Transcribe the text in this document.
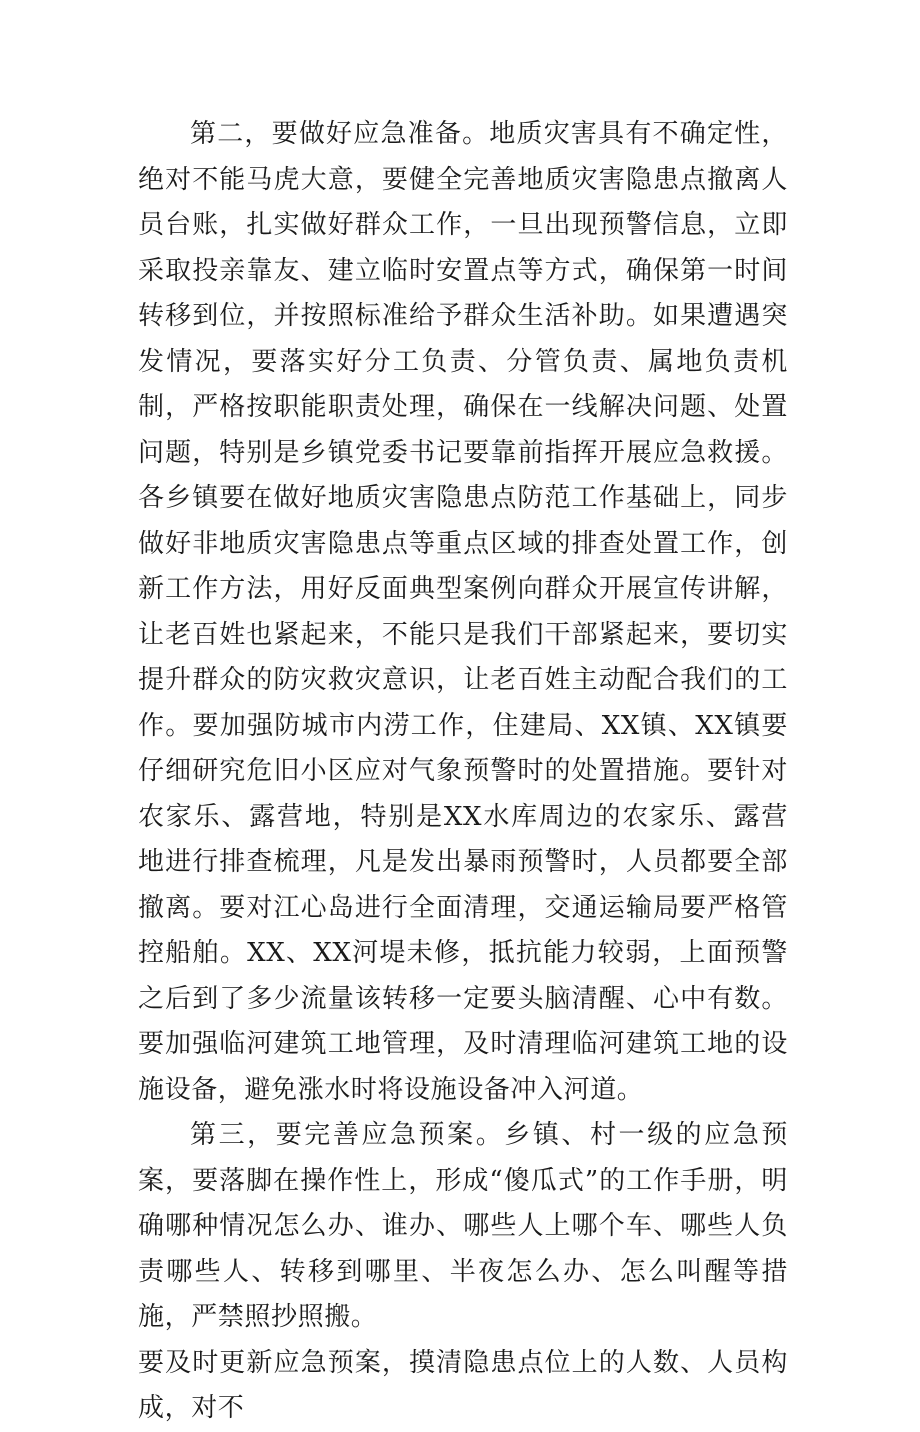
第二，要做好应急准备。地质灾害具有不确定性，绝对不能马虎大意，要健全完善地质灾害隐患点撤离人员台账，扎实做好群众工作，一旦出现预警信息，立即采取投亲靠友、建立临时安置点等方式，确保第一时间转移到位，并按照标准给予群众生活补助。如果遭遇突发情况，要落实好分工负责、分管负责、属地负责机制，严格按职能职责处理，确保在一线解决问题、处置问题，特别是乡镇党委书记要靠前指挥开展应急救援。各乡镇要在做好地质灾害隐患点防范工作基础上，同步做好非地质灾害隐患点等重点区域的排查处置工作，创新工作方法，用好反面典型案例向群众开展宣传讲解，让老百姓也紧起来，不能只是我们干部紧起来，要切实提升群众的防灾救灾意识，让老百姓主动配合我们的工作。要加强防城市内涝工作，住建局、XX镇、XX镇要仔细研究危旧小区应对气象预警时的处置措施。要针对农家乐、露营地，特别是XX水库周边的农家乐、露营地进行排查梳理，凡是发出暴雨预警时，人员都要全部撤离。要对江心岛进行全面清理，交通运输局要严格管控船舶。XX、XX河堤未修，抵抗能力较弱，上面预警之后到了多少流量该转移一定要头脑清醒、心中有数。要加强临河建筑工地管理，及时清理临河建筑工地的设施设备，避免涨水时将设施设备冲入河道。

第三，要完善应急预案。乡镇、村一级的应急预案，要落脚在操作性上，形成“傻瓜式”的工作手册，明确哪种情况怎么办、谁办、哪些人上哪个车、哪些人负责哪些人、转移到哪里、半夜怎么办、怎么叫醒等措施，严禁照抄照搬。

要及时更新应急预案，摸清隐患点位上的人数、人员构成，对不
